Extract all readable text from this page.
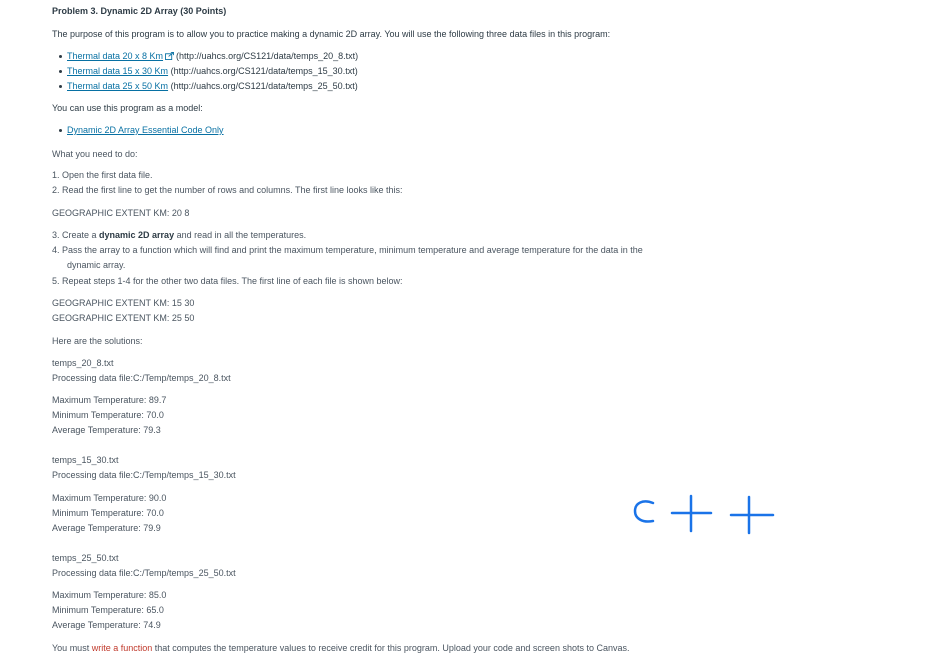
Problem 3. Dynamic 2D Array (30 Points)
The purpose of this program is to allow you to practice making a dynamic 2D array. You will use the following three data files in this program:
Thermal data 20 x 8 Km (http://uahcs.org/CS121/data/temps_20_8.txt)
Thermal data 15 x 30 Km (http://uahcs.org/CS121/data/temps_15_30.txt)
Thermal data 25 x 50 Km (http://uahcs.org/CS121/data/temps_25_50.txt)
You can use this program as a model:
Dynamic 2D Array Essential Code Only
What you need to do:
1. Open the first data file.
2. Read the first line to get the number of rows and columns. The first line looks like this:
GEOGRAPHIC EXTENT KM: 20 8
3. Create a dynamic 2D array and read in all the temperatures.
4. Pass the array to a function which will find and print the maximum temperature, minimum temperature and average temperature for the data in the
dynamic array.
5. Repeat steps 1-4 for the other two data files. The first line of each file is shown below:
GEOGRAPHIC EXTENT KM: 15 30
GEOGRAPHIC EXTENT KM: 25 50
Here are the solutions:
temps_20_8.txt
Processing data file:C:/Temp/temps_20_8.txt
Maximum Temperature: 89.7
Minimum Temperature: 70.0
Average Temperature: 79.3
temps_15_30.txt
Processing data file:C:/Temp/temps_15_30.txt
Maximum Temperature: 90.0
Minimum Temperature: 70.0
Average Temperature: 79.9
temps_25_50.txt
Processing data file:C:/Temp/temps_25_50.txt
Maximum Temperature: 85.0
Minimum Temperature: 65.0
Average Temperature: 74.9
You must write a function that computes the temperature values to receive credit for this program. Upload your code and screen shots to Canvas.
